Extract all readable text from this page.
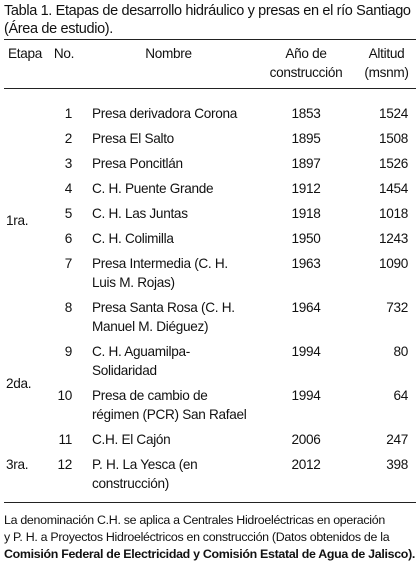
Tabla 1. Etapas de desarrollo hidráulico y presas en el río Santiago
(Área de estudio).

Etapa	No.	Nombre	Año de
construcción	Altitud
(msnm)
1ra.	1	Presa derivadora Corona	1853	1524
	2	Presa El Salto	1895	1508
	3	Presa Poncitlán	1897	1526
	4	C. H. Puente Grande	1912	1454
	5	C. H. Las Juntas	1918	1018
	6	C. H. Colimilla	1950	1243
	7	Presa Intermedia (C. H.
Luis M. Rojas)	1963	1090
	8	Presa Santa Rosa (C. H.
Manuel M. Diéguez)	1964	732
2da.	9	C. H. Aguamilpa-
Solidaridad	1994	80
	10	Presa de cambio de
régimen (PCR) San Rafael	1994	64
3ra.	11	C.H. El Cajón	2006	247
	12	P. H. La Yesca (en
construcción)	2012	398

La denominación C.H. se aplica a Centrales Hidroeléctricas en operación
y P. H. a Proyectos Hidroeléctricos en construcción (Datos obtenidos de la
Comisión Federal de Electricidad y Comisión Estatal de Agua de Jalisco).
